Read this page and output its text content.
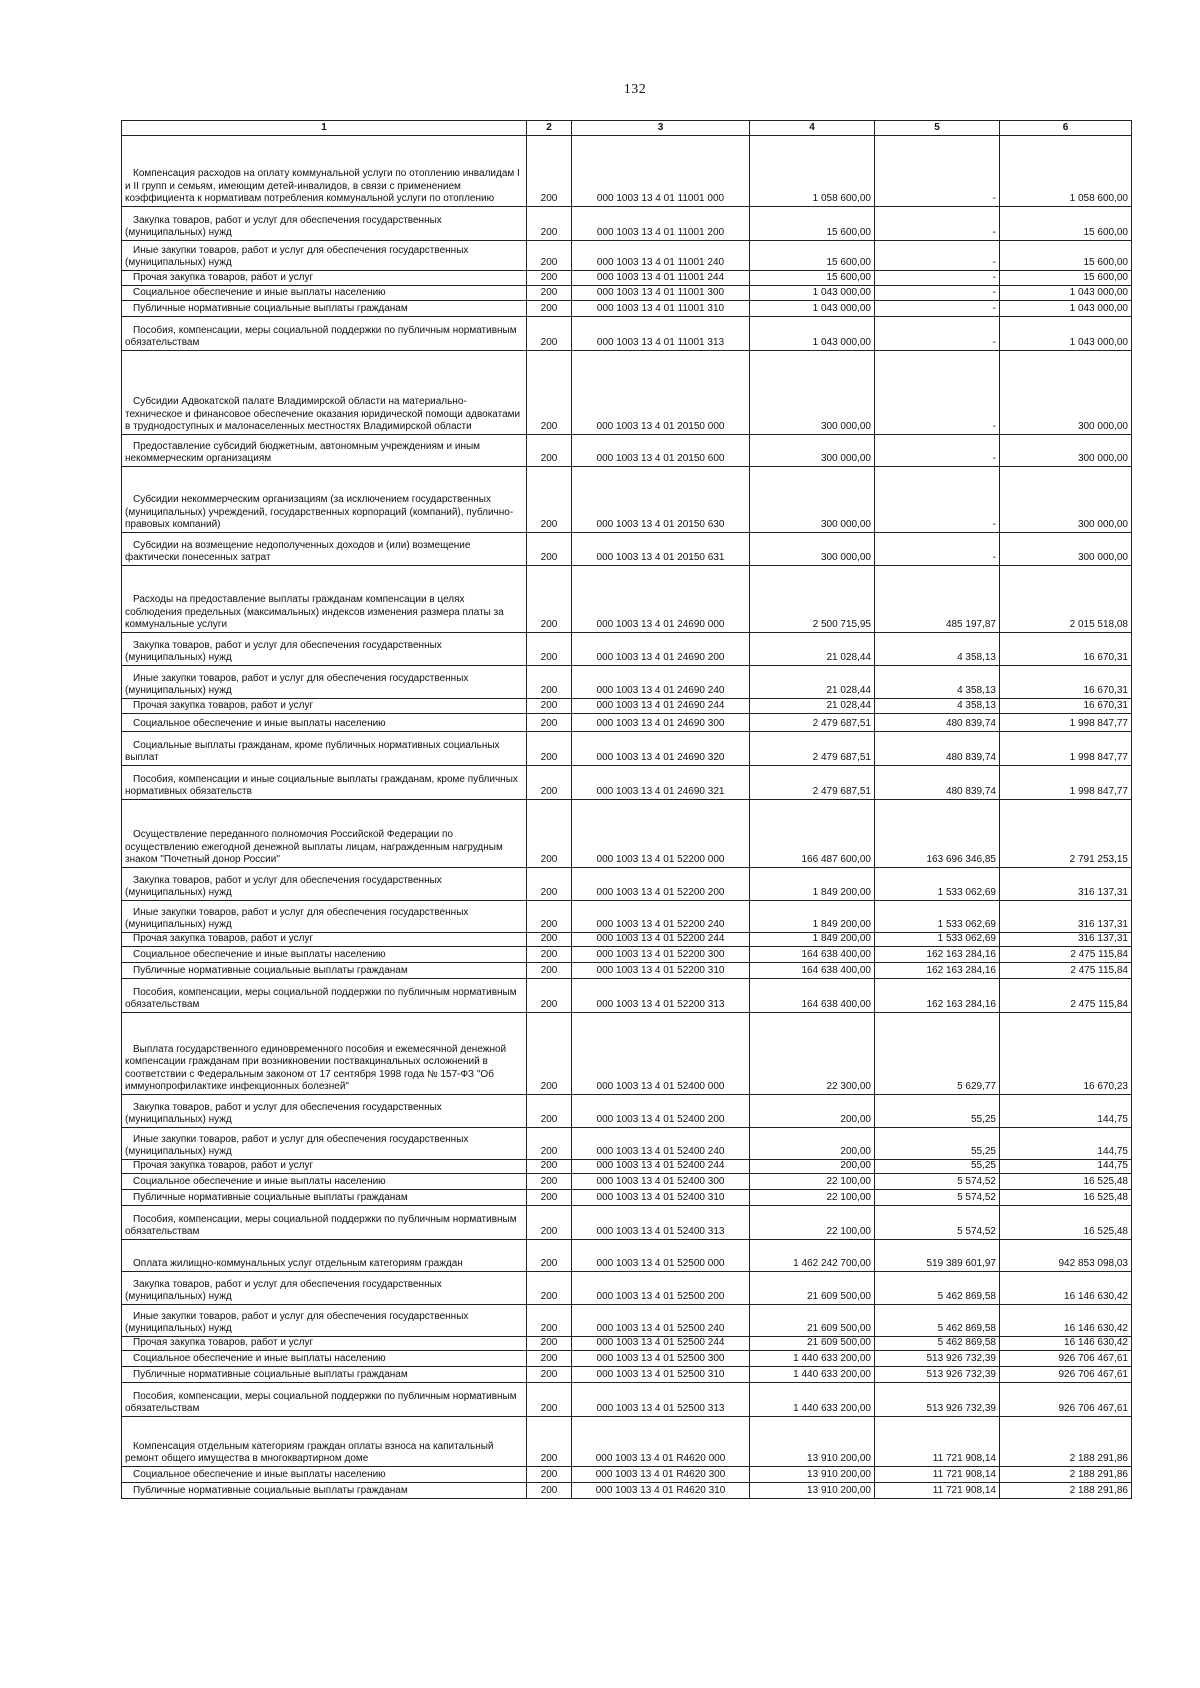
132
1	2	3	4	5	6
Компенсация расходов на оплату коммунальной услуги по отоплению инвалидам I и II групп и семьям, имеющим детей-инвалидов, в связи с применением коэффициента к нормативам потребления коммунальной услуги по отоплению	200	000 1003 13 4 01 11001 000	1 058 600,00	-	1 058 600,00
Закупка товаров, работ и услуг для обеспечения государственных (муниципальных) нужд	200	000 1003 13 4 01 11001 200	15 600,00	-	15 600,00
Иные закупки товаров, работ и услуг для обеспечения государственных (муниципальных) нужд	200	000 1003 13 4 01 11001 240	15 600,00	-	15 600,00
Прочая закупка товаров, работ и услуг	200	000 1003 13 4 01 11001 244	15 600,00	-	15 600,00
Социальное обеспечение и иные выплаты населению	200	000 1003 13 4 01 11001 300	1 043 000,00	-	1 043 000,00
Публичные нормативные социальные выплаты гражданам	200	000 1003 13 4 01 11001 310	1 043 000,00	-	1 043 000,00
Пособия, компенсации, меры социальной поддержки по публичным нормативным обязательствам	200	000 1003 13 4 01 11001 313	1 043 000,00	-	1 043 000,00
Субсидии Адвокатской палате Владимирской области на материально-техническое и финансовое обеспечение оказания юридической помощи адвокатами в труднодоступных и малонаселенных местностях Владимирской области	200	000 1003 13 4 01 20150 000	300 000,00	-	300 000,00
Предоставление субсидий бюджетным, автономным учреждениям и иным некоммерческим организациям	200	000 1003 13 4 01 20150 600	300 000,00	-	300 000,00
Субсидии некоммерческим организациям (за исключением государственных (муниципальных) учреждений, государственных корпораций (компаний), публично-правовых компаний)	200	000 1003 13 4 01 20150 630	300 000,00	-	300 000,00
Субсидии на возмещение недополученных доходов и (или) возмещение фактически понесенных затрат	200	000 1003 13 4 01 20150 631	300 000,00	-	300 000,00
Расходы на предоставление выплаты гражданам компенсации в целях соблюдения предельных (максимальных) индексов изменения размера платы за коммунальные услуги	200	000 1003 13 4 01 24690 000	2 500 715,95	485 197,87	2 015 518,08
Закупка товаров, работ и услуг для обеспечения государственных (муниципальных) нужд	200	000 1003 13 4 01 24690 200	21 028,44	4 358,13	16 670,31
Иные закупки товаров, работ и услуг для обеспечения государственных (муниципальных) нужд	200	000 1003 13 4 01 24690 240	21 028,44	4 358,13	16 670,31
Прочая закупка товаров, работ и услуг	200	000 1003 13 4 01 24690 244	21 028,44	4 358,13	16 670,31
Социальное обеспечение и иные выплаты населению	200	000 1003 13 4 01 24690 300	2 479 687,51	480 839,74	1 998 847,77
Социальные выплаты гражданам, кроме публичных нормативных социальных выплат	200	000 1003 13 4 01 24690 320	2 479 687,51	480 839,74	1 998 847,77
Пособия, компенсации и иные социальные выплаты гражданам, кроме публичных нормативных обязательств	200	000 1003 13 4 01 24690 321	2 479 687,51	480 839,74	1 998 847,77
Осуществление переданного полномочия Российской Федерации по осуществлению ежегодной денежной выплаты лицам, награжденным нагрудным знаком "Почетный донор России"	200	000 1003 13 4 01 52200 000	166 487 600,00	163 696 346,85	2 791 253,15
Закупка товаров, работ и услуг для обеспечения государственных (муниципальных) нужд	200	000 1003 13 4 01 52200 200	1 849 200,00	1 533 062,69	316 137,31
Иные закупки товаров, работ и услуг для обеспечения государственных (муниципальных) нужд	200	000 1003 13 4 01 52200 240	1 849 200,00	1 533 062,69	316 137,31
Прочая закупка товаров, работ и услуг	200	000 1003 13 4 01 52200 244	1 849 200,00	1 533 062,69	316 137,31
Социальное обеспечение и иные выплаты населению	200	000 1003 13 4 01 52200 300	164 638 400,00	162 163 284,16	2 475 115,84
Публичные нормативные социальные выплаты гражданам	200	000 1003 13 4 01 52200 310	164 638 400,00	162 163 284,16	2 475 115,84
Пособия, компенсации, меры социальной поддержки по публичным нормативным обязательствам	200	000 1003 13 4 01 52200 313	164 638 400,00	162 163 284,16	2 475 115,84
Выплата государственного единовременного пособия и ежемесячной денежной компенсации гражданам при возникновении поствакцинальных осложнений в соответствии с Федеральным законом от 17 сентября 1998 года № 157-ФЗ "Об иммунопрофилактике инфекционных болезней"	200	000 1003 13 4 01 52400 000	22 300,00	5 629,77	16 670,23
Закупка товаров, работ и услуг для обеспечения государственных (муниципальных) нужд	200	000 1003 13 4 01 52400 200	200,00	55,25	144,75
Иные закупки товаров, работ и услуг для обеспечения государственных (муниципальных) нужд	200	000 1003 13 4 01 52400 240	200,00	55,25	144,75
Прочая закупка товаров, работ и услуг	200	000 1003 13 4 01 52400 244	200,00	55,25	144,75
Социальное обеспечение и иные выплаты населению	200	000 1003 13 4 01 52400 300	22 100,00	5 574,52	16 525,48
Публичные нормативные социальные выплаты гражданам	200	000 1003 13 4 01 52400 310	22 100,00	5 574,52	16 525,48
Пособия, компенсации, меры социальной поддержки по публичным нормативным обязательствам	200	000 1003 13 4 01 52400 313	22 100,00	5 574,52	16 525,48
Оплата жилищно-коммунальных услуг отдельным категориям граждан	200	000 1003 13 4 01 52500 000	1 462 242 700,00	519 389 601,97	942 853 098,03
Закупка товаров, работ и услуг для обеспечения государственных (муниципальных) нужд	200	000 1003 13 4 01 52500 200	21 609 500,00	5 462 869,58	16 146 630,42
Иные закупки товаров, работ и услуг для обеспечения государственных (муниципальных) нужд	200	000 1003 13 4 01 52500 240	21 609 500,00	5 462 869,58	16 146 630,42
Прочая закупка товаров, работ и услуг	200	000 1003 13 4 01 52500 244	21 609 500,00	5 462 869,58	16 146 630,42
Социальное обеспечение и иные выплаты населению	200	000 1003 13 4 01 52500 300	1 440 633 200,00	513 926 732,39	926 706 467,61
Публичные нормативные социальные выплаты гражданам	200	000 1003 13 4 01 52500 310	1 440 633 200,00	513 926 732,39	926 706 467,61
Пособия, компенсации, меры социальной поддержки по публичным нормативным обязательствам	200	000 1003 13 4 01 52500 313	1 440 633 200,00	513 926 732,39	926 706 467,61
Компенсация отдельным категориям граждан оплаты взноса на капитальный ремонт общего имущества в многоквартирном доме	200	000 1003 13 4 01 R4620 000	13 910 200,00	11 721 908,14	2 188 291,86
Социальное обеспечение и иные выплаты населению	200	000 1003 13 4 01 R4620 300	13 910 200,00	11 721 908,14	2 188 291,86
Публичные нормативные социальные выплаты гражданам	200	000 1003 13 4 01 R4620 310	13 910 200,00	11 721 908,14	2 188 291,86
